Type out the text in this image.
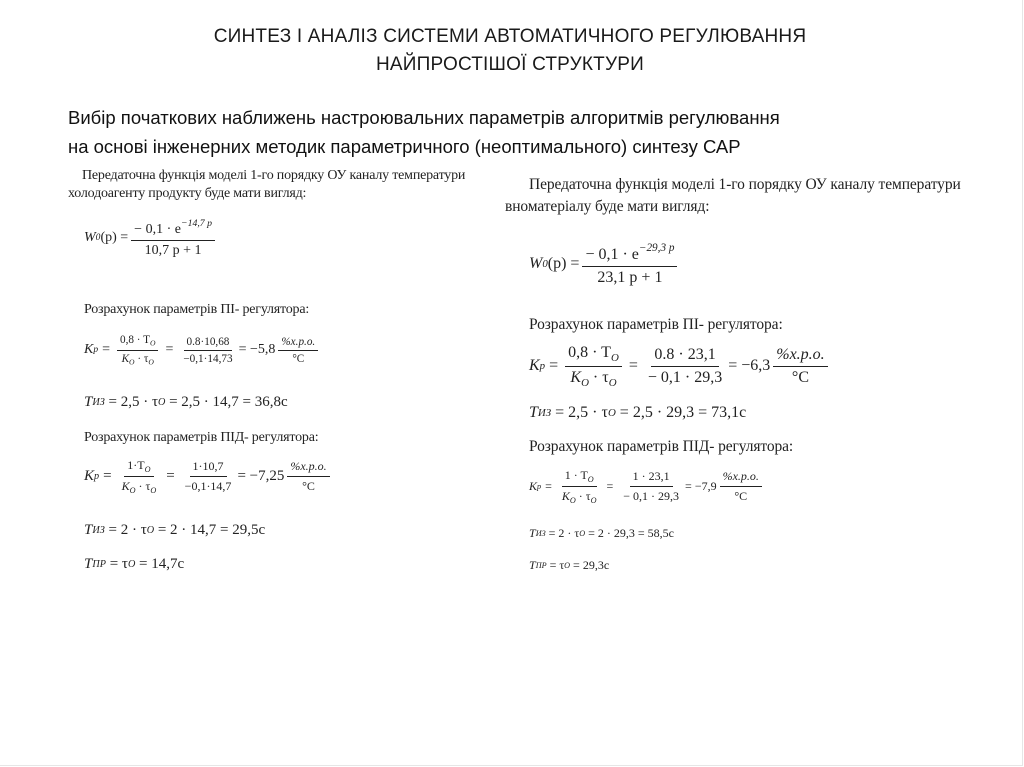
СИНТЕЗ І АНАЛІЗ СИСТЕМИ АВТОМАТИЧНОГО РЕГУЛЮВАННЯ
НАЙПРОСТІШОЇ СТРУКТУРИ
Вибір початкових наближень настроювальних параметрів алгоритмів регулювання
на основі інженерних методик параметричного (неоптимального) синтезу САР
Передаточна функція моделі 1-го порядку ОУ каналу температури
холодоагенту продукту буде мати вигляд:
W 0 $(p) = \frac{- 0,1 \cdot e^{-14,7 p}}{10,7 p + 1}$
Розрахунок параметрів ПІ- регулятора:
K $p = \frac{0,8 \cdot T_O}{K_O \cdot \tau_O} = \frac{0.8\cdot 10,68}{-0,1\cdot 14,73} = -5,8 \frac{\%х.р.о.}{^\circ C}$
T ИЗ
= 2,5 · τ O
= 2,5 · 14,7 = 36,8c
Розрахунок параметрів ПІД- регулятора:
K $p = \frac{1\cdot T_O}{K_O \cdot \tau_O} = \frac{1\cdot 10,7}{-0,1\cdot 14,7} = -7,25 \frac{\%х.р.о.}{^\circ C}$
T ИЗ
= 2 · τ O
= 2 · 14,7 = 29,5c
T ПР
= τ O
= 14,7c
Передаточна функція моделі 1-го порядку ОУ каналу температури
вноматеріалу буде мати вигляд:
W 0 $(p) = \frac{- 0,1 \cdot e^{-29,3 p}}{23,1 p + 1}$
Розрахунок параметрів ПІ- регулятора:
K $p = \frac{0,8 \cdot T_O}{K_O \cdot \tau_O} = \frac{0.8 \cdot 23,1}{- 0,1 \cdot 29,3} = -6,3 \frac{\%х.р.о.}{^\circ C}$
T ИЗ
= 2,5 · τ O
= 2,5 · 29,3 = 73,1c
Розрахунок параметрів ПІД- регулятора:
K $p = \frac{1 \cdot T_O}{K_O \cdot \tau_O} = \frac{1 \cdot 23,1}{- 0,1 \cdot 29,3} = -7,9 \frac{\%х.р.о.}{^\circ C}$
T ИЗ
= 2 · τ O
= 2 · 29,3 = 58,5c
T ПР
= τ O
= 29,3c
